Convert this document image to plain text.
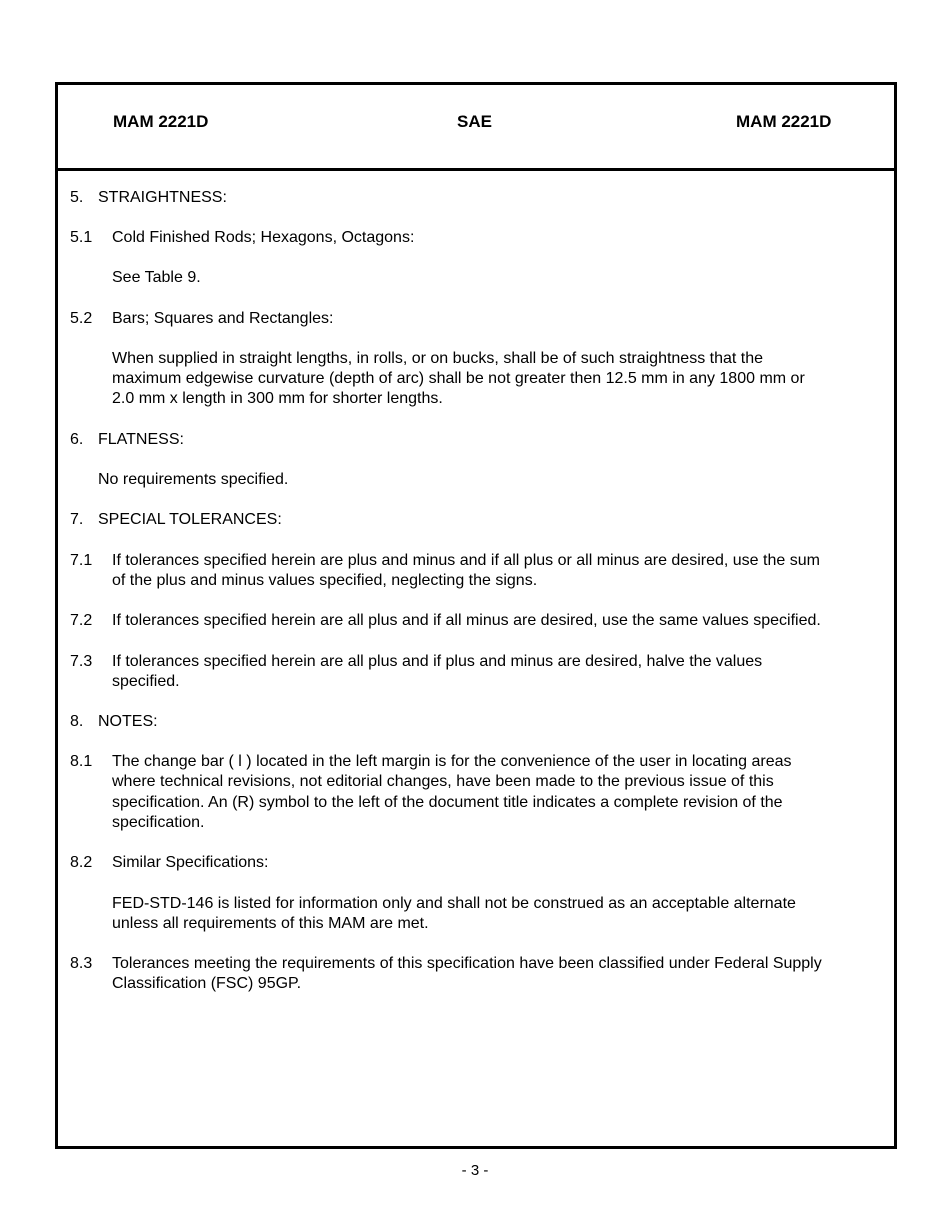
MAM 2221D	SAE	MAM 2221D
5. STRAIGHTNESS:
5.1 Cold Finished Rods; Hexagons, Octagons:
See Table 9.
5.2 Bars; Squares and Rectangles:
When supplied in straight lengths, in rolls, or on bucks, shall be of such straightness that the
maximum edgewise curvature (depth of arc) shall be not greater then 12.5 mm in any 1800 mm or
2.0 mm x length in 300 mm for shorter lengths.
6. FLATNESS:
No requirements specified.
7. SPECIAL TOLERANCES:
7.1 If tolerances specified herein are plus and minus and if all plus or all minus are desired, use the sum
of the plus and minus values specified, neglecting the signs.
7.2 If tolerances specified herein are all plus and if all minus are desired, use the same values specified.
7.3 If tolerances specified herein are all plus and if plus and minus are desired, halve the values
specified.
8. NOTES:
8.1 The change bar ( l ) located in the left margin is for the convenience of the user in locating areas
where technical revisions, not editorial changes, have been made to the previous issue of this
specification. An (R) symbol to the left of the document title indicates a complete revision of the
specification.
8.2 Similar Specifications:
FED-STD-146 is listed for information only and shall not be construed as an acceptable alternate
unless all requirements of this MAM are met.
8.3 Tolerances meeting the requirements of this specification have been classified under Federal Supply
Classification (FSC) 95GP.
- 3 -
